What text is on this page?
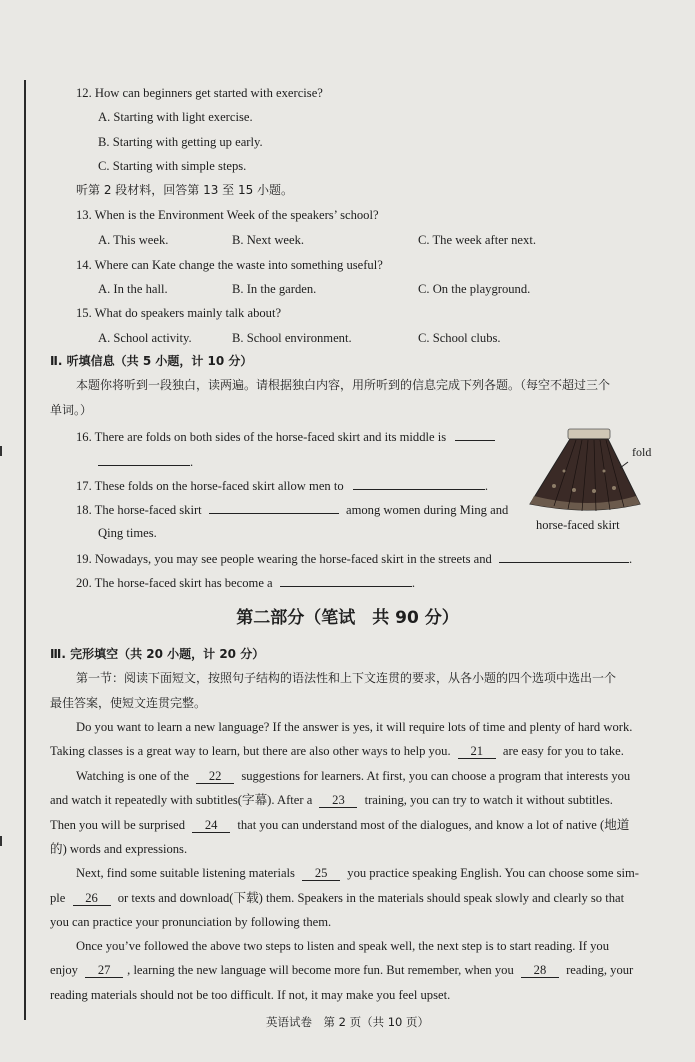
12. How can beginners get started with exercise?
A. Starting with light exercise.
B. Starting with getting up early.
C. Starting with simple steps.
听第 2 段材料，回答第 13 至 15 小题。
13. When is the Environment Week of the speakers’ school?
A. This week.	B. Next week.	C. The week after next.
14. Where can Kate change the waste into something useful?
A. In the hall.	B. In the garden.	C. On the playground.
15. What do speakers mainly talk about?
A. School activity.	B. School environment.	C. School clubs.
Ⅱ. 听填信息（共 5 小题，计 10 分）
本题你将听到一段独白，读两遍。请根据独白内容，用所听到的信息完成下列各题。（每空不超过三个
单词。）
16. There are folds on both sides of the horse-faced skirt and its middle is
.
17. These folds on the horse-faced skirt allow men to	.
18. The horse-faced skirt	among women during Ming and
Qing times.
19. Nowadays, you may see people wearing the horse-faced skirt in the streets and	.
20. The horse-faced skirt has become a	.
fold
horse-faced skirt
第二部分（笔试　共 90 分）
Ⅲ. 完形填空（共 20 小题，计 20 分）
第一节：阅读下面短文，按照句子结构的语法性和上下文连贯的要求，从各小题的四个选项中选出一个
最佳答案，使短文连贯完整。
Do you want to learn a new language? If the answer is yes, it will require lots of time and plenty of hard work.
Taking classes is a great way to learn, but there are also other ways to help you. 21 are easy for you to take.
Watching is one of the 22 suggestions for learners. At first, you can choose a program that interests you
and watch it repeatedly with subtitles(字幕). After a 23 training, you can try to watch it without subtitles.
Then you will be surprised 24 that you can understand most of the dialogues, and know a lot of native (地道
的) words and expressions.
Next, find some suitable listening materials 25 you practice speaking English. You can choose some sim-
ple 26 or texts and download(下载) them. Speakers in the materials should speak slowly and clearly so that
you can practice your pronunciation by following them.
Once you’ve followed the above two steps to listen and speak well, the next step is to start reading. If you
enjoy 27 , learning the new language will become more fun. But remember, when you 28 reading, your
reading materials should not be too difficult. If not, it may make you feel upset.
英语试卷　第 2 页（共 10 页）
